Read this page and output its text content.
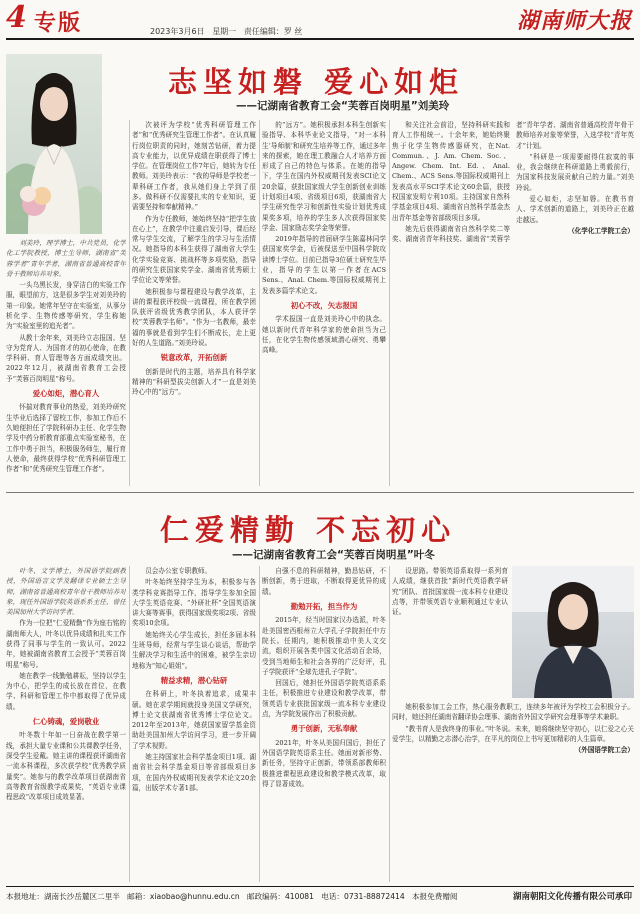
4 专版	2023年3月6日 星期一 责任编辑：罗 丝	湖南师大报
志坚如磐 爱心如炬
——记湖南省教育工会“芙蓉百岗明星”刘美玲

刘美玲，理学博士，中共党员，化学化工学院教授，博士生导师，湖南省“芙蓉学者”青年学者，湖南省普通高校青年骨干教师培养对象。

一头乌黑长发，身穿洁白的实验工作服，眼望前方，这是很多学生对刘美玲的第一印象。她常年坚守在实验室，从事分析化学、生物传感等研究，学生称她为“实验室里的追光者”。

从教十余年来，刘美玲立志报国、坚守为党育人、为国育才的初心使命，在教学科研、育人管理等各方面成绩突出。2022年12月，被湖南省教育工会授予“芙蓉百岗明星”称号。

爱心如炬，潜心育人

怀揣对教育事业的热爱，刘美玲研究生毕业后选择了留校工作，参加工作后不久她便担任了学院科研办主任、化学生物学及中药分析教育部重点实验室秘书，在工作中勇于担当，积极服务师生，履行育人使命，最终获得学校“优秀科研管理工作者”和“优秀研究生管理工作者”。

次被评为学校“优秀科研管理工作者”和“优秀研究生管理工作者”。在认真履行岗位职责的同时，她刻苦钻研，着力提高专业能力，以优异成绩在职获得了博士学位。在管理岗位工作7年后，她转为专任教师。刘美玲表示：“我的导师是学校老一辈科研工作者，我从她们身上学到了很多。做科研不仅需要扎实的专业知识，更需要坚持和奉献精神。”

作为专任教师，她始终坚持“把学生放在心上”，在教学中注重启发引导，课后经常与学生交流，了解学生的学习与生活情况。她指导的本科生获得了湖南省大学生化学实验竞赛、挑战杯等多项奖励，指导的研究生获国家奖学金、湖南省优秀硕士学位论文等荣誉。

她积极参与课程建设与教学改革，主讲的课程获评校级一流课程，所在教学团队获评省级优秀教学团队，本人获评学校“芙蓉教学名师”。“作为一名教师，最幸福的事就是看到学生们不断成长，走上更好的人生道路。”刘美玲说。

锐意改革，开拓创新

创新是时代的主题，培养具有科学家精神的“科研型拔尖创新人才”一直是刘美玲心中的“远方”。

的“远方”。她积极承担本科生创新实验指导、本科毕业论文指导，“对一本科生‘导师制’和研究生培养等工作，通过多年来的探索，她在理工教融合人才培养方面形成了自己的特色与体系。在她的指导下，学生在国内外权威期刊发表SCI论文20余篇，获批国家级大学生创新创业训练计划项目4项、省级项目6项，获湖南省大学生研究性学习和创新性实验计划优秀成果奖多项，培养的学生多人次获得国家奖学金、国家励志奖学金等荣誉。

2019年指导的首届研学生陈嘉林同学获国家奖学金，后被保送至中国科学院攻读博士学位。目前已指导3位硕士研究生毕业，指导的学生以第一作者在ACS Sens.、Anal. Chem.等国际权威期刊上发表多篇学术论文。

初心不改，矢志报国

学术报国一直是刘美玲心中的执念。她以新时代青年科学家的使命担当为己任，在化学生物传感领域潜心研究、勇攀高峰。

和关注社会前沿，坚持科研实践和育人工作相统一。十余年来，她始终聚焦于化学生物传感器研究，在Nat. Commun.、J. Am. Chem. Soc.、Angew. Chem. Int. Ed.、Anal. Chem.、ACS Sens.等国际权威期刊上发表高水平SCI学术论文60余篇，获授权国家发明专利10项。主持国家自然科学基金项目4项、湖南省自然科学基金杰出青年基金等省部级项目多项。

她先后获得湖南省自然科学奖二等奖、湖南省青年科技奖、湖南省“芙蓉学者”青年学者、湖南省普通高校青年骨干教师培养对象等荣誉，入选学校“青年英才”计划。

“科研是一项需要耐得住寂寞的事业，我会继续在科研道路上勇毅前行，为国家科技发展贡献自己的力量。”刘美玲说。

爱心如炬，志坚如磐。在教书育人、学术创新的道路上，刘美玲正在越走越远。

（化学化工学院工会）

仁爱精勤 不忘初心
——记湖南省教育工会“芙蓉百岗明星”叶冬

叶冬，文学博士，外国语学院副教授，外国语言文学及翻译专业硕士生导师，湖南省普通高校青年骨干教师培养对象，现任外国语学院英语系系主任，曾任美国加州大学访问学者。

作为一位把“仁爱精勤”作为座右铭的湖南师大人，叶冬以优异成绩和扎实工作获得了同事与学生的一致认可。2022年，她被湖南省教育工会授予“芙蓉百岗明星”称号。

她在教学一线勤勉耕耘，坚持以学生为中心，把学生的成长放在首位，在教学、科研和管理工作中都取得了优异成绩。

仁心铸魂，爱岗敬业

叶冬数十年如一日奋战在教学第一线，承担大量专业课和公共课教学任务，深受学生爱戴。她主讲的课程获评湖南省一流本科课程，多次获学校“优秀教学质量奖”。她参与的教学改革项目获湖南省高等教育省级教学成果奖，“英语专业课程思政”改革项目成效显著。

员会办公室专职教师。

叶冬始终坚持学生为本，积极参与各类学科竞赛指导工作，指导学生参加全国大学生英语竞赛、“外研社杯”全国英语演讲大赛等赛事，获得国家级奖项2项、省级奖项10余项。

她始终关心学生成长，担任多届本科生班导师，经常与学生谈心谈话，帮助学生解决学习和生活中的困难，被学生亲切地称为“知心姐姐”。

精益求精，潜心钻研

在科研上，叶冬执着追求，成果丰硕。她在求学期间就投身美国文学研究，博士论文获湖南省优秀博士学位论文。2012年至2013年，她获国家留学基金资助赴美国加州大学访问学习，进一步开阔了学术视野。

她主持国家社会科学基金项目1项、湖南省社会科学基金项目等省部级项目多项，在国内外权威期刊发表学术论文20余篇，出版学术专著1部。

自强不息的科研精神，勤恳钻研，不断创新，勇于进取，不断取得更优异的成绩。

勤勉开拓，担当作为

2015年，经当时国家汉办选派，叶冬赴美国密西根州立大学孔子学院担任中方院长。任期内，她积极推动中美人文交流，组织开展各类中国文化活动百余场，受到当地师生和社会各界的广泛好评，孔子学院获评“全球先进孔子学院”。

回国后，她担任外国语学院英语系系主任，积极推进专业建设和教学改革，带领英语专业获批国家级一流本科专业建设点，为学院发展作出了积极贡献。

勇于创新，无私奉献

2021年，叶冬从美国归国后，担任了外国语学院英语系主任。她面对新形势、新任务，坚持守正创新，带领系部教师积极推进课程思政建设和教学模式改革，取得了显著成效。

设思路。带领英语系取得一系列育人成绩，继获首批“新时代英语教学研究”团队、首批国家级一流本科专业建设点等，并带领英语专业顺利通过专业认证。

她积极参加工会工作，热心服务教职工，连续多年被评为学校工会积极分子。同时，她还担任湖南省翻译协会理事、湖南省外国文学研究会理事等学术兼职。

“教书育人是我终身的事业。”叶冬说。未来，她将继续坚守初心，以仁爱之心关爱学生，以精勤之志潜心治学，在平凡的岗位上书写更加精彩的人生篇章。

（外国语学院工会）

本报地址：湖南长沙岳麓区二里半 邮箱：xiaobao@hunnu.edu.cn 邮政编码：410081 电话：0731-88872414 本报免费赠阅	湖南朝阳文化传播有限公司承印
